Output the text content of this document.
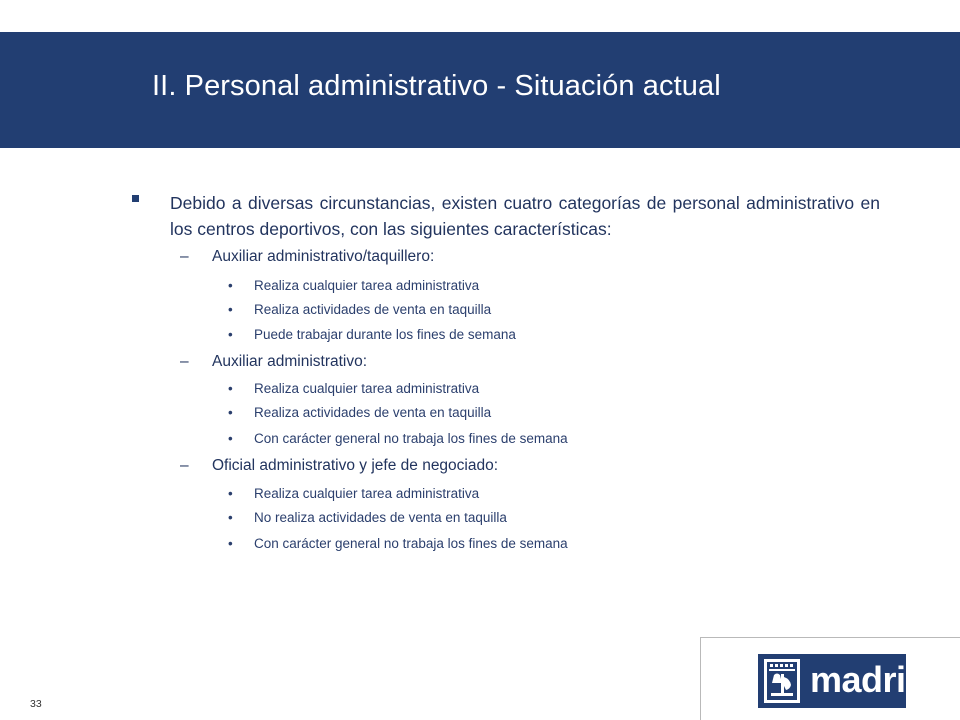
II. Personal administrativo - Situación actual
Debido a diversas circunstancias, existen cuatro categorías de personal administrativo en los centros deportivos, con las siguientes características:
– Auxiliar administrativo/taquillero:
• Realiza cualquier tarea administrativa
• Realiza actividades de venta en taquilla
• Puede trabajar durante los fines de semana
– Auxiliar administrativo:
• Realiza cualquier tarea administrativa
• Realiza actividades de venta en taquilla
• Con carácter general no trabaja los fines de semana
– Oficial administrativo y jefe de negociado:
• Realiza cualquier tarea administrativa
• No realiza actividades de venta en taquilla
• Con carácter general no trabaja los fines de semana
33
madrid
